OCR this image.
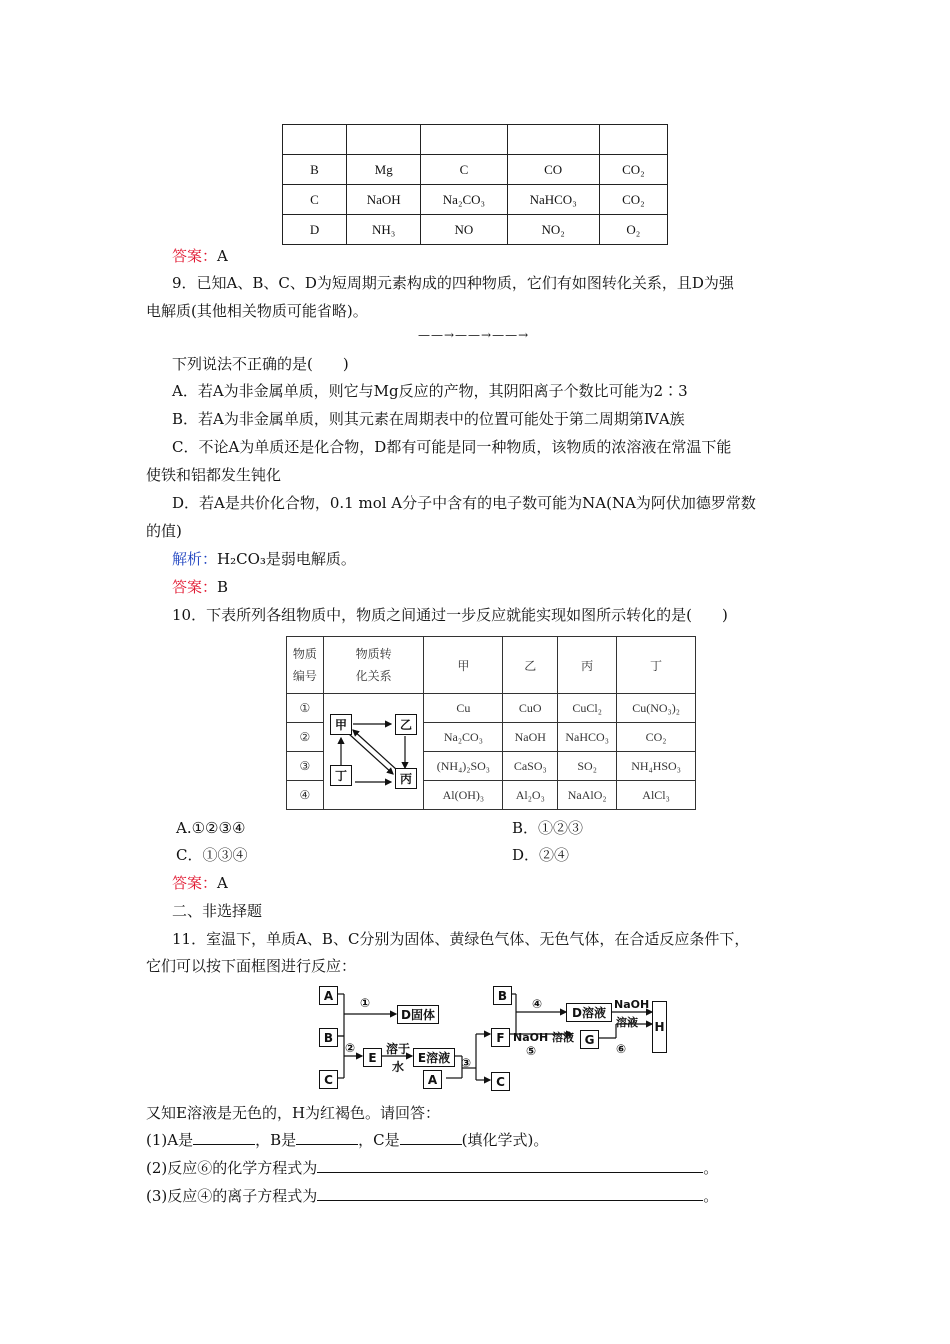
B	Mg	C	CO	CO₂
C	NaOH	Na₂CO₃	NaHCO₃	CO₂
D	NH₃	NO	NO₂	O₂
答案：A
9．已知A、B、C、D为短周期元素构成的四种物质，它们有如图转化关系，且D为强
电解质(其他相关物质可能省略)。
——→——→——→
下列说法不正确的是(　　)
A．若A为非金属单质，则它与Mg反应的产物，其阴阳离子个数比可能为2∶3
B．若A为非金属单质，则其元素在周期表中的位置可能处于第二周期第ⅣA族
C．不论A为单质还是化合物，D都有可能是同一种物质，该物质的浓溶液在常温下能
使铁和铝都发生钝化
D．若A是共价化合物，0.1 mol A分子中含有的电子数可能为NA(NA为阿伏加德罗常数
的值)
解析：H₂CO₃是弱电解质。
答案：B
10．下表所列各组物质中，物质之间通过一步反应就能实现如图所示转化的是(　　)
物质
编号	物质转
化关系	甲	乙	丙	丁
①		Cu	CuO	CuCl₂	Cu(NO₃)₂
②		Na₂CO₃	NaOH	NaHCO₃	CO₂
③		(NH₄)₂SO₃	CaSO₃	SO₂	NH₄HSO₃
④		Al(OH)₃	Al₂O₃	NaAlO₂	AlCl₃
甲	乙
丁	丙
A.①②③④	B．①②③
C．①③④	D．②④
答案：A
二、非选择题
11．室温下，单质A、B、C分别为固体、黄绿色气体、无色气体，在合适反应条件下，
它们可以按下面框图进行反应：
A
B
C
①
D固体
②
E
溶于
水
E溶液
A
③
F
C
B
④
D溶液
NaOH 溶液
⑤
G
⑥
NaOH
溶液 H
又知E溶液是无色的，H为红褐色。请回答：
(1)A是	，B是	，C是	(填化学式)。
(2)反应⑥的化学方程式为	。
(3)反应④的离子方程式为	。
